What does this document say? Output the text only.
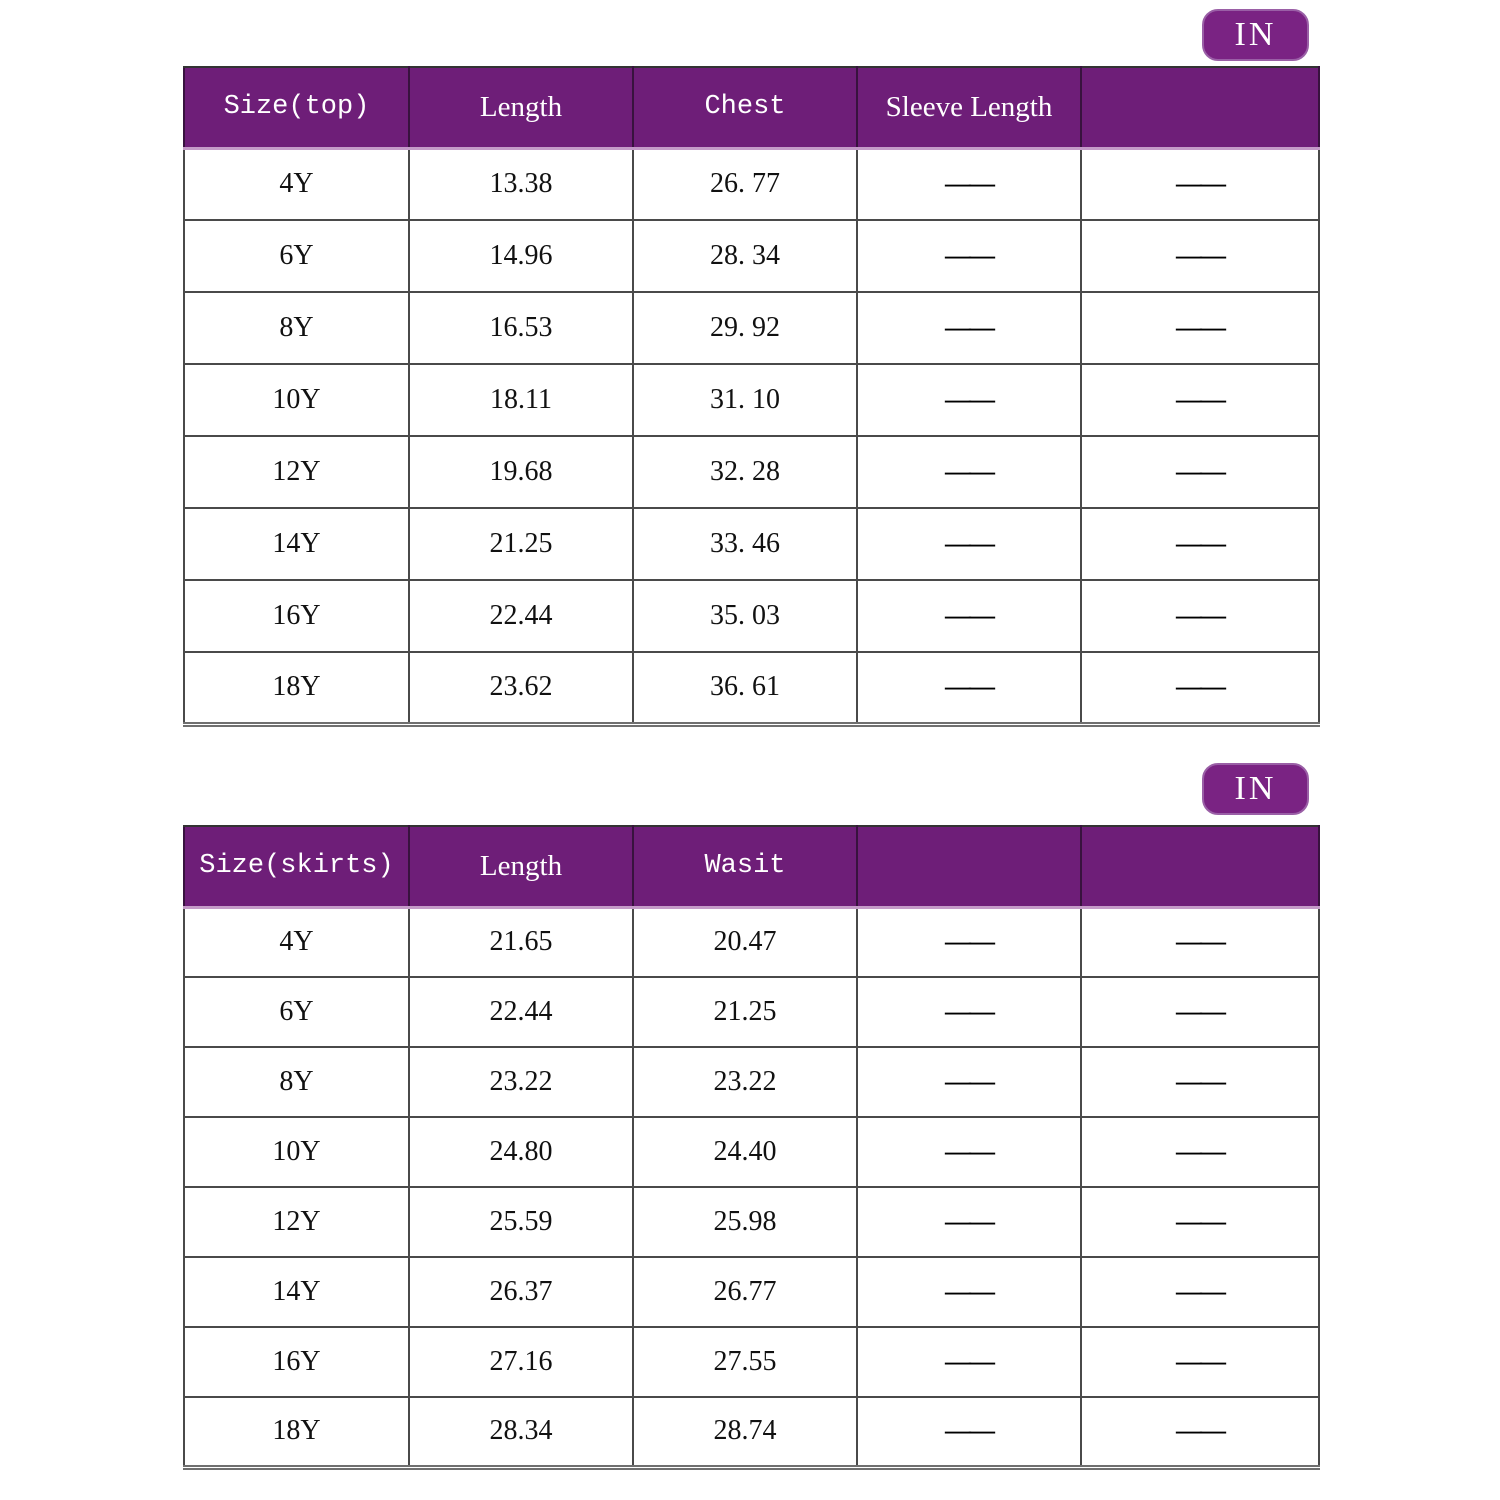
IN
Size(top)	Length	Chest	Sleeve Length	
4Y	13.38	26. 77	——	——
6Y	14.96	28. 34	——	——
8Y	16.53	29. 92	——	——
10Y	18.11	31. 10	——	——
12Y	19.68	32. 28	——	——
14Y	21.25	33. 46	——	——
16Y	22.44	35. 03	——	——
18Y	23.62	36. 61	——	——
IN
Size(skirts)	Length	Wasit		
4Y	21.65	20.47	——	——
6Y	22.44	21.25	——	——
8Y	23.22	23.22	——	——
10Y	24.80	24.40	——	——
12Y	25.59	25.98	——	——
14Y	26.37	26.77	——	——
16Y	27.16	27.55	——	——
18Y	28.34	28.74	——	——
